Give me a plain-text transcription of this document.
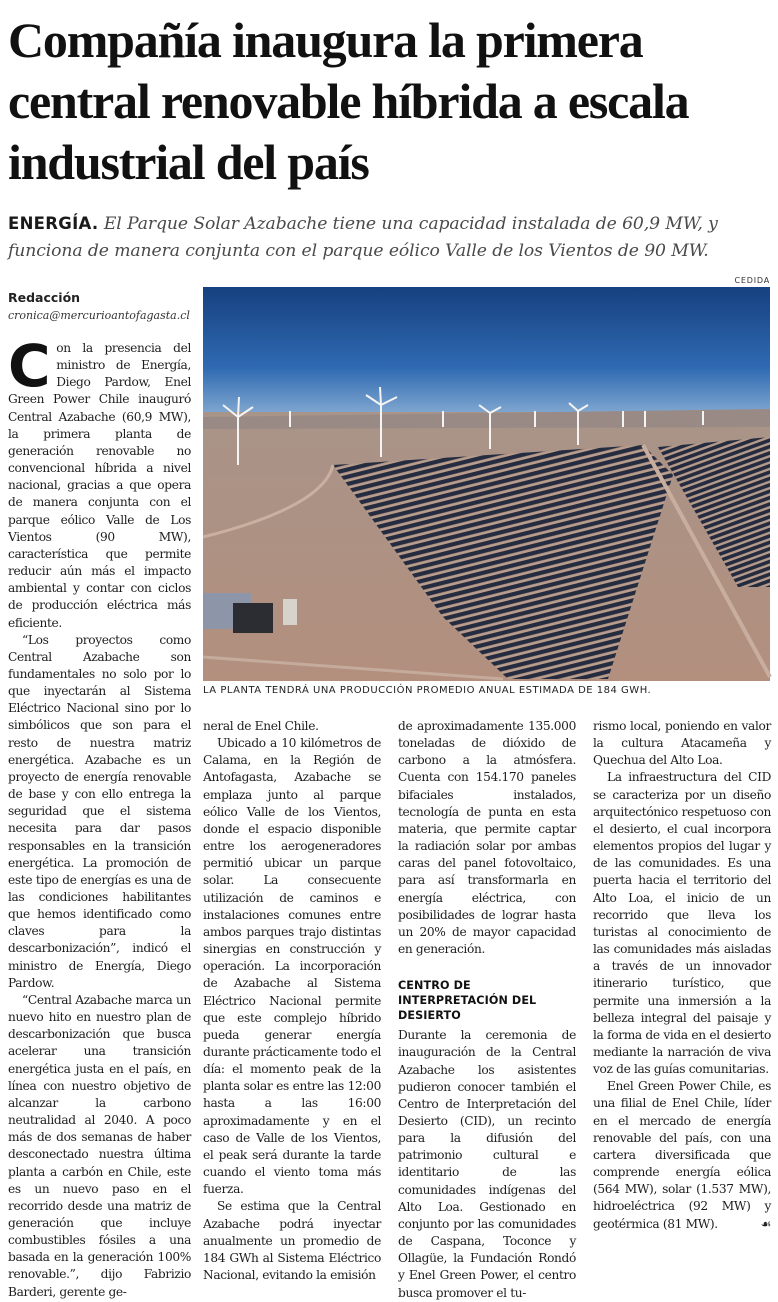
Compañía inaugura la primera central renovable híbrida a escala industrial del país
ENERGÍA. El Parque Solar Azabache tiene una capacidad instalada de 60,9 MW, y funciona de manera conjunta con el parque eólico Valle de los Vientos de 90 MW.
Redacción
cronica@mercurioantofagasta.cl
CEDIDA
LA PLANTA TENDRÁ UNA PRODUCCIÓN PROMEDIO ANUAL ESTIMADA DE 184 GWH.

Con la presencia del ministro de Energía, Diego Pardow, Enel Green Power Chile inauguró Central Azabache (60,9 MW), la primera planta de generación renovable no convencional híbrida a nivel nacional, gracias a que opera de manera conjunta con el parque eólico Valle de Los Vientos (90 MW), característica que permite reducir aún más el impacto ambiental y contar con ciclos de producción eléctrica más eficiente.

“Los proyectos como Central Azabache son fundamentales no solo por lo que inyectarán al Sistema Eléctrico Nacional sino por lo simbólicos que son para el resto de nuestra matriz energética. Azabache es un proyecto de energía renovable de base y con ello entrega la seguridad que el sistema necesita para dar pasos responsables en la transición energética. La promoción de este tipo de energías es una de las condiciones habilitantes que hemos identificado como claves para la descarbonización”, indicó el ministro de Energía, Diego Pardow.

“Central Azabache marca un nuevo hito en nuestro plan de descarbonización que busca acelerar una transición energética justa en el país, en línea con nuestro objetivo de alcanzar la carbono neutralidad al 2040. A poco más de dos semanas de haber desconectado nuestra última planta a carbón en Chile, este es un nuevo paso en el recorrido desde una matriz de generación que incluye combustibles fósiles a una basada en la generación 100% renovable.”, dijo Fabrizio Barderi, gerente ge-

neral de Enel Chile.

Ubicado a 10 kilómetros de Calama, en la Región de Antofagasta, Azabache se emplaza junto al parque eólico Valle de los Vientos, donde el espacio disponible entre los aerogeneradores permitió ubicar un parque solar. La consecuente utilización de caminos e instalaciones comunes entre ambos parques trajo distintas sinergias en construcción y operación. La incorporación de Azabache al Sistema Eléctrico Nacional permite que este complejo híbrido pueda generar energía durante prácticamente todo el día: el momento peak de la planta solar es entre las 12:00 hasta a las 16:00 aproximadamente y en el caso de Valle de los Vientos, el peak será durante la tarde cuando el viento toma más fuerza.

Se estima que la Central Azabache podrá inyectar anualmente un promedio de 184 GWh al Sistema Eléctrico Nacional, evitando la emisión

de aproximadamente 135.000 toneladas de dióxido de carbono a la atmósfera. Cuenta con 154.170 paneles bifaciales instalados, tecnología de punta en esta materia, que permite captar la radiación solar por ambas caras del panel fotovoltaico, para así transformarla en energía eléctrica, con posibilidades de lograr hasta un 20% de mayor capacidad en generación.

CENTRO DE INTERPRETACIÓN DEL DESIERTO

Durante la ceremonia de inauguración de la Central Azabache los asistentes pudieron conocer también el Centro de Interpretación del Desierto (CID), un recinto para la difusión del patrimonio cultural e identitario de las comunidades indígenas del Alto Loa. Gestionado en conjunto por las comunidades de Caspana, Toconce y Ollagüe, la Fundación Rondó y Enel Green Power, el centro busca promover el tu-

rismo local, poniendo en valor la cultura Atacameña y Quechua del Alto Loa.

La infraestructura del CID se caracteriza por un diseño arquitectónico respetuoso con el desierto, el cual incorpora elementos propios del lugar y de las comunidades. Es una puerta hacia el territorio del Alto Loa, el inicio de un recorrido que lleva los turistas al conocimiento de las comunidades más aisladas a través de un innovador itinerario turístico, que permite una inmersión a la belleza integral del paisaje y la forma de vida en el desierto mediante la narración de viva voz de las guías comunitarias.

Enel Green Power Chile, es una filial de Enel Chile, líder en el mercado de energía renovable del país, con una cartera diversificada que comprende energía eólica (564 MW), solar (1.537 MW), hidroeléctrica (92 MW) y geotérmica (81 MW).	☙
